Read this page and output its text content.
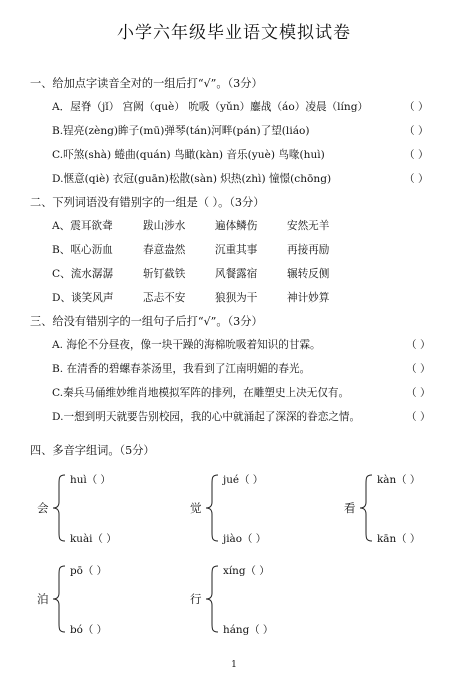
小学六年级毕业语文模拟试卷
一、给加点字读音全对的一组后打“√”。（3分）
A．屋脊（jǐ） 宫阙（què） 吮吸（yǔn）鏖战（áo）凌晨（líng）	（ ）
B.锃亮(zèng)眸子(mū)弹琴(tán)河畔(pán)了望(liáo)	（ ）
C.吓煞(shà) 蜷曲(quán) 鸟瞰(kàn) 音乐(yuè) 鸟喙(huì)	（ ）
D.惬意(qiè) 衣冠(guān)松散(sàn) 炽热(zhì) 憧憬(chōng)	（ ）
二、下列词语没有错别字的一组是（ ）。（3分）
A、震耳欲聋	跋山涉水	遍体鳞伤	安然无羊
B、呕心沥血	春意盎然	沉重其事	再接再励
C、流水潺潺	斩钉截铁	风餐露宿	辗转反侧
D、谈笑风声	忑忐不安	狼狈为干	神计妙算
三、给没有错别字的一组句子后打“√”。（3分）
A. 海伦不分昼夜，像一块干躁的海棉吮吸着知识的甘霖。	（ ）
B. 在清香的碧螺春茶汤里，我看到了江南明媚的春光。	（ ）
C.秦兵马俑维妙维肖地模拟军阵的排列，在雕塑史上决无仅有。	（ ）
D.一想到明天就要告别校园，我的心中就涌起了深深的眷恋之情。	（ ）
四、多音字组词。（5分）
会
huì（ ）
kuài（ ）
觉
jué（ ）
jiào（ ）
看
kàn（ ）
kān（ ）
泊
pō（ ）
bó（ ）
行
xíng（ ）
háng（ ）
1
